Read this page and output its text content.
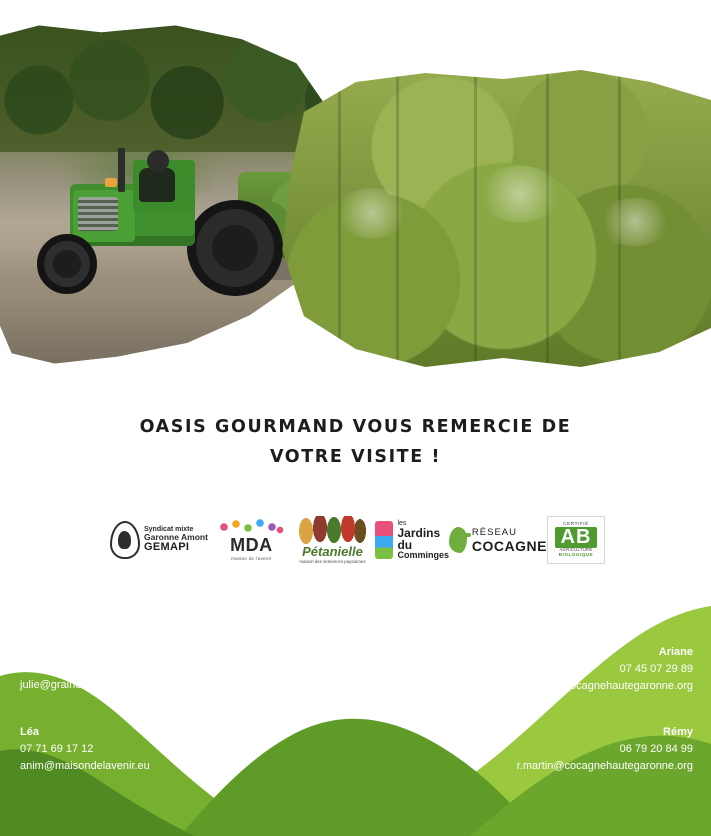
OASIS GOURMAND VOUS REMERCIE DE
VOTRE VISITE !
Syndicat mixte
Garonne Amont
GEMAPI	MDA
maison de l'avenir Pétanielle
maison des semences paysannes
les
Jardins du
Comminges
RÉSEAU
COCAGNE
CERTIFIÉ
AB
AGRICULTURE
BIOLOGIQUE
Nous contacter
Julie
06 28 34 40 38
julie@grainesdavenir.eu
Léa
07 71 69 17 12
anim@maisondelavenir.eu
Mentions légales
Oasis Gourmand
4 rue des Tilleuls
31210 Huos
Ariane
07 45 07 29 89
a.paris@cocagnehautegaronne.org
Rémy
06 79 20 84 99
r.martin@cocagnehautegaronne.org
